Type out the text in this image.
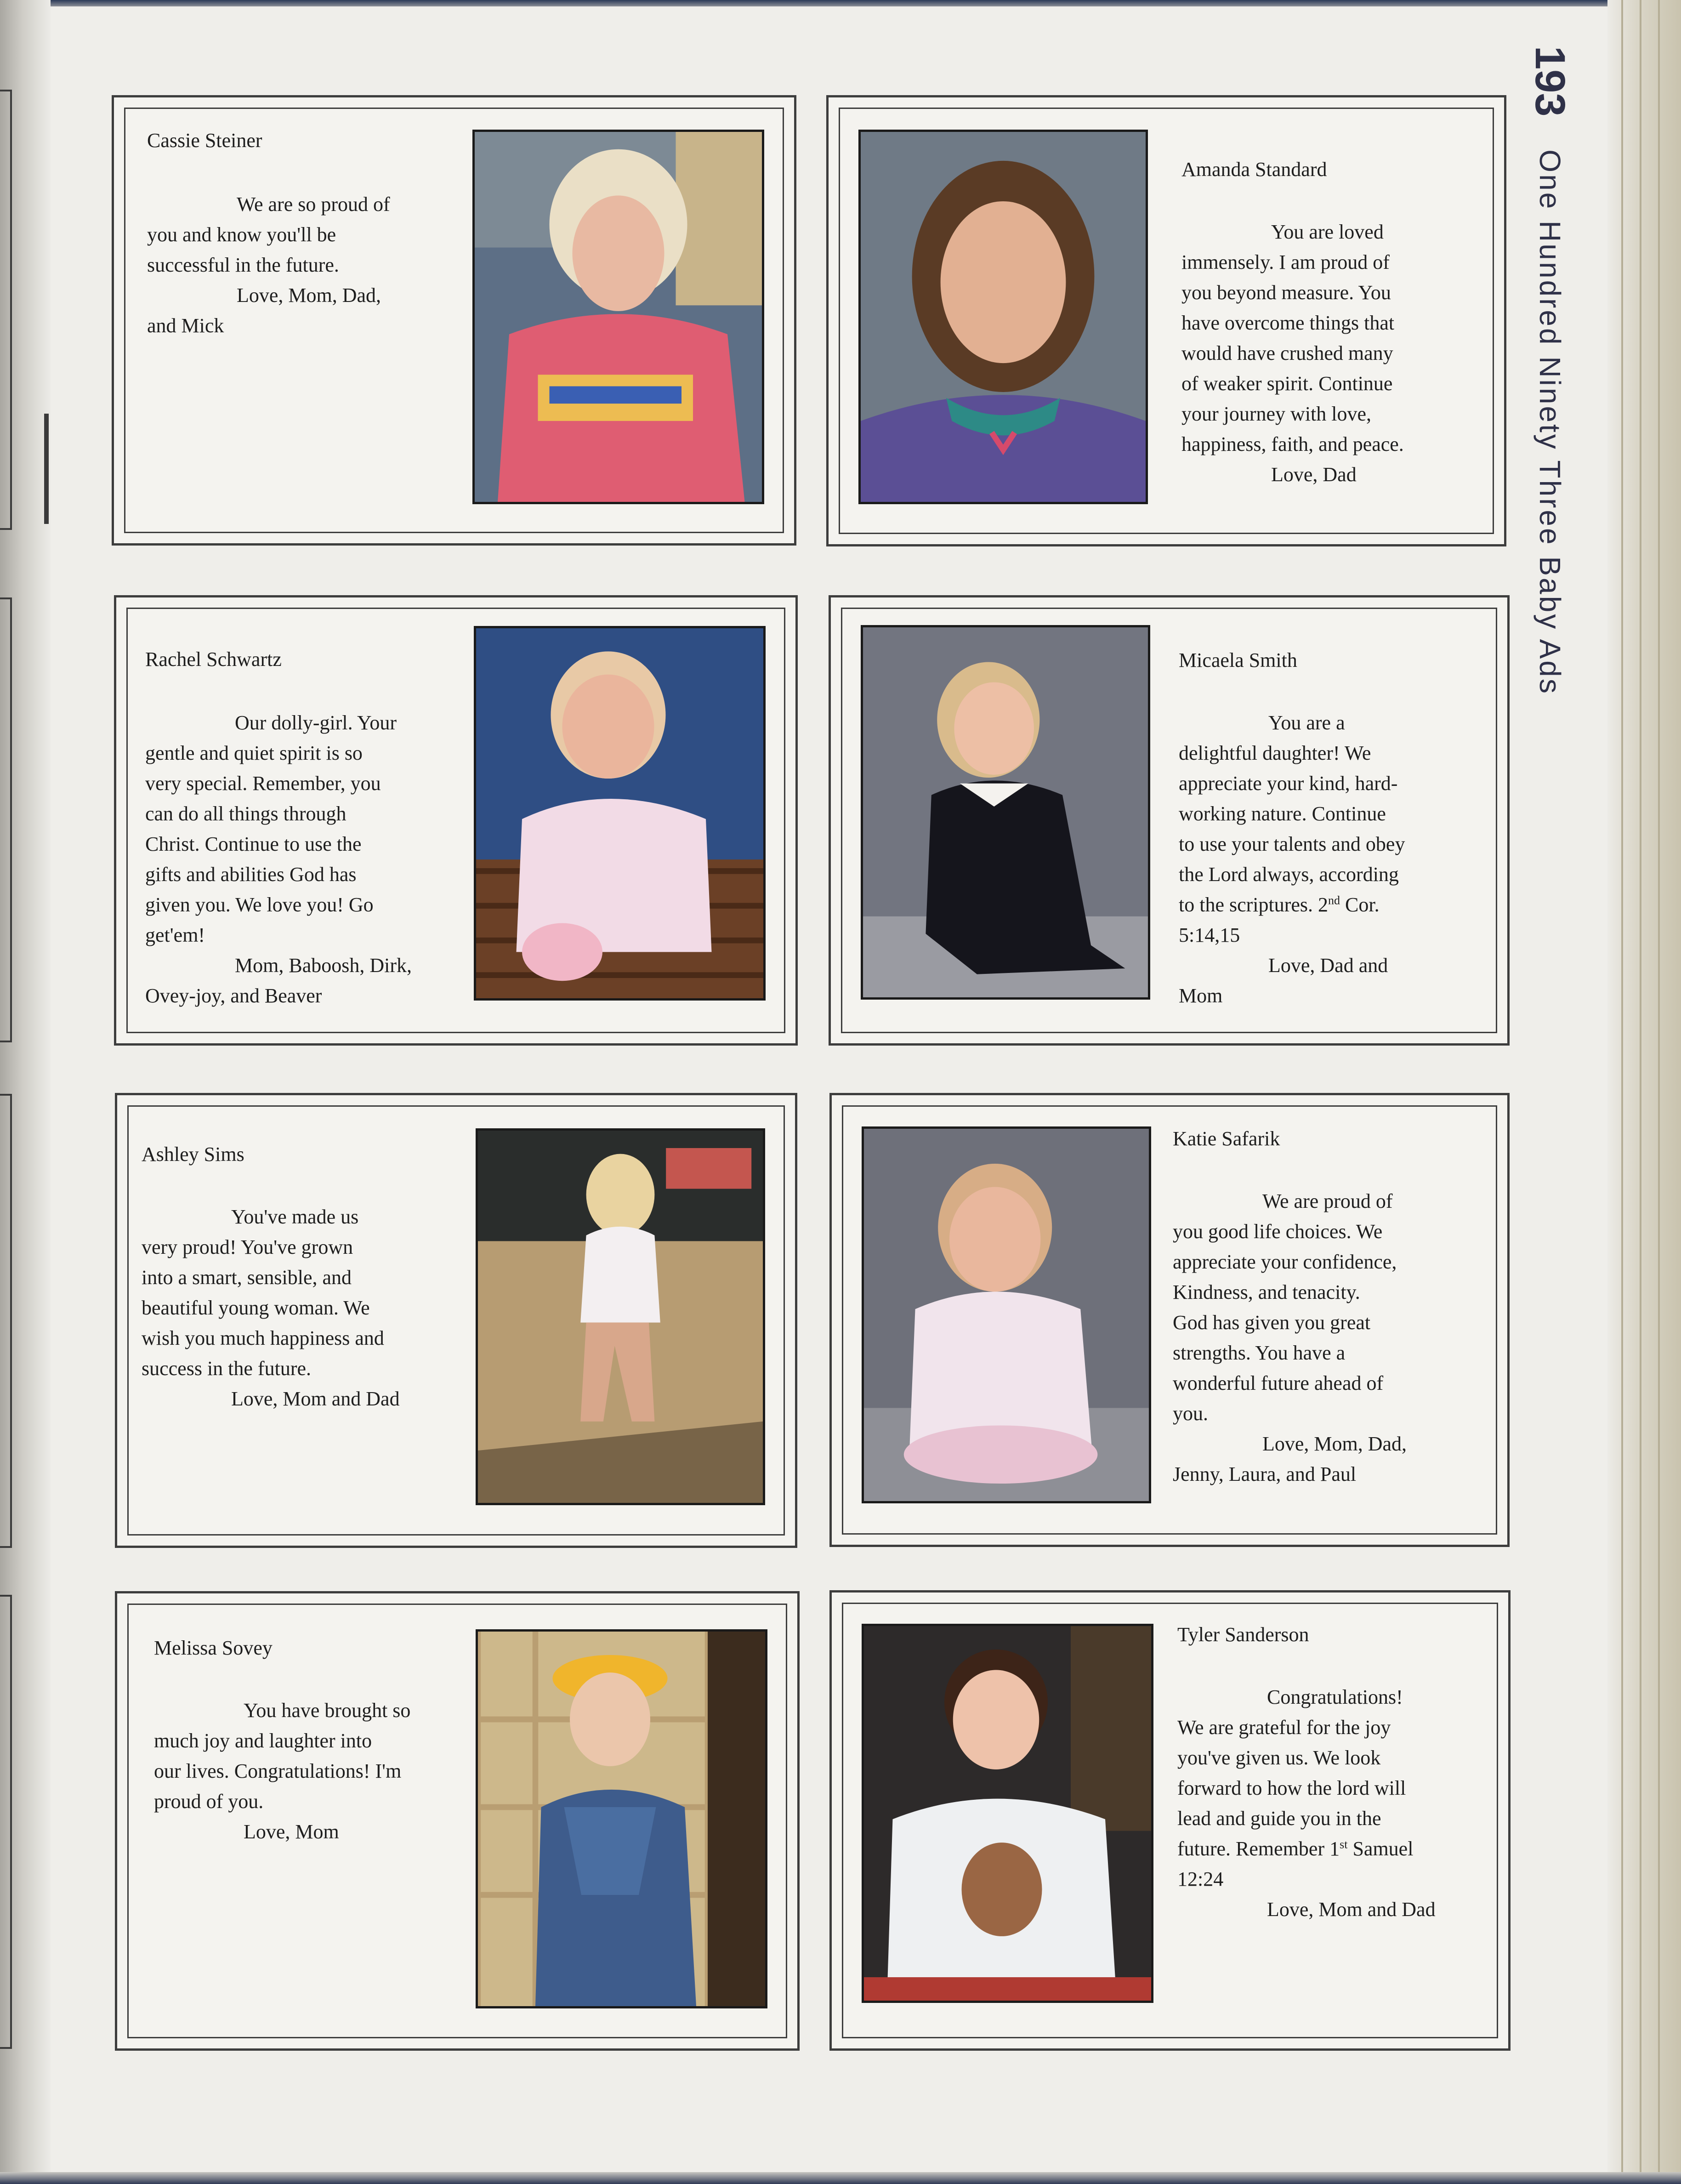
193 One Hundred Ninety Three Baby Ads
Cassie Steiner
We are so proud of
you and know you'll be
successful in the future.
Love, Mom, Dad,
and Mick
Amanda Standard
You are loved
immensely. I am proud of
you beyond measure. You
have overcome things that
would have crushed many
of weaker spirit. Continue
your journey with love,
happiness, faith, and peace.
Love, Dad
Rachel Schwartz
Our dolly-girl. Your
gentle and quiet spirit is so
very special. Remember, you
can do all things through
Christ. Continue to use the
gifts and abilities God has
given you. We love you! Go
get'em!
Mom, Baboosh, Dirk,
Ovey-joy, and Beaver
Micaela Smith
You are a
delightful daughter! We
appreciate your kind, hard-
working nature. Continue
to use your talents and obey
the Lord always, according
to the scriptures. 2nd Cor.
5:14,15
Love, Dad and
Mom
Ashley Sims
You've made us
very proud! You've grown
into a smart, sensible, and
beautiful young woman. We
wish you much happiness and
success in the future.
Love, Mom and Dad
Katie Safarik
We are proud of
you good life choices. We
appreciate your confidence,
Kindness, and tenacity.
God has given you great
strengths. You have a
wonderful future ahead of
you.
Love, Mom, Dad,
Jenny, Laura, and Paul
Melissa Sovey
You have brought so
much joy and laughter into
our lives. Congratulations! I'm
proud of you.
Love, Mom
Tyler Sanderson
Congratulations!
We are grateful for the joy
you've given us. We look
forward to how the lord will
lead and guide you in the
future. Remember 1st Samuel
12:24
Love, Mom and Dad
